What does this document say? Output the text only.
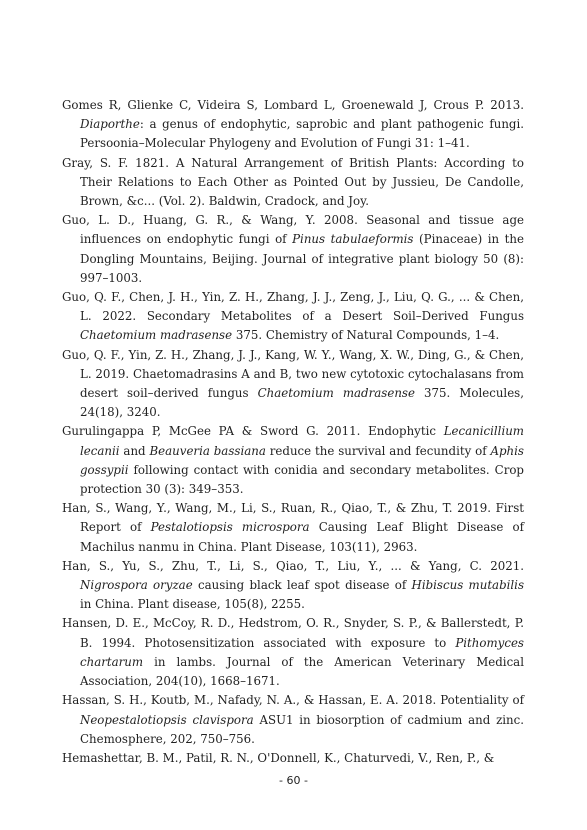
Gomes R, Glienke C, Videira S, Lombard L, Groenewald J, Crous P. 2013. Diaporthe: a genus of endophytic, saprobic and plant pathogenic fungi. Persoonia–Molecular Phylogeny and Evolution of Fungi 31: 1–41.

Gray, S. F. 1821. A Natural Arrangement of British Plants: According to Their Relations to Each Other as Pointed Out by Jussieu, De Candolle, Brown, &c... (Vol. 2). Baldwin, Cradock, and Joy.

Guo, L. D., Huang, G. R., & Wang, Y. 2008. Seasonal and tissue age influences on endophytic fungi of Pinus tabulaeformis (Pinaceae) in the Dongling Mountains, Beijing. Journal of integrative plant biology 50 (8): 997–1003.

Guo, Q. F., Chen, J. H., Yin, Z. H., Zhang, J. J., Zeng, J., Liu, Q. G., ... & Chen, L. 2022. Secondary Metabolites of a Desert Soil–Derived Fungus Chaetomium madrasense 375. Chemistry of Natural Compounds, 1–4.

Guo, Q. F., Yin, Z. H., Zhang, J. J., Kang, W. Y., Wang, X. W., Ding, G., & Chen, L. 2019. Chaetomadrasins A and B, two new cytotoxic cytochalasans from desert soil–derived fungus Chaetomium madrasense 375. Molecules, 24(18), 3240.

Gurulingappa P, McGee PA & Sword G. 2011. Endophytic Lecanicillium lecanii and Beauveria bassiana reduce the survival and fecundity of Aphis gossypii following contact with conidia and secondary metabolites. Crop protection 30 (3): 349–353.

Han, S., Wang, Y., Wang, M., Li, S., Ruan, R., Qiao, T., & Zhu, T. 2019. First Report of Pestalotiopsis microspora Causing Leaf Blight Disease of Machilus nanmu in China. Plant Disease, 103(11), 2963.

Han, S., Yu, S., Zhu, T., Li, S., Qiao, T., Liu, Y., ... & Yang, C. 2021. Nigrospora oryzae causing black leaf spot disease of Hibiscus mutabilis in China. Plant disease, 105(8), 2255.

Hansen, D. E., McCoy, R. D., Hedstrom, O. R., Snyder, S. P., & Ballerstedt, P. B. 1994. Photosensitization associated with exposure to Pithomyces chartarum in lambs. Journal of the American Veterinary Medical Association, 204(10), 1668–1671.

Hassan, S. H., Koutb, M., Nafady, N. A., & Hassan, E. A. 2018. Potentiality of Neopestalotiopsis clavispora ASU1 in biosorption of cadmium and zinc. Chemosphere, 202, 750–756.

Hemashettar, B. M., Patil, R. N., O'Donnell, K., Chaturvedi, V., Ren, P., &

- 60 -
